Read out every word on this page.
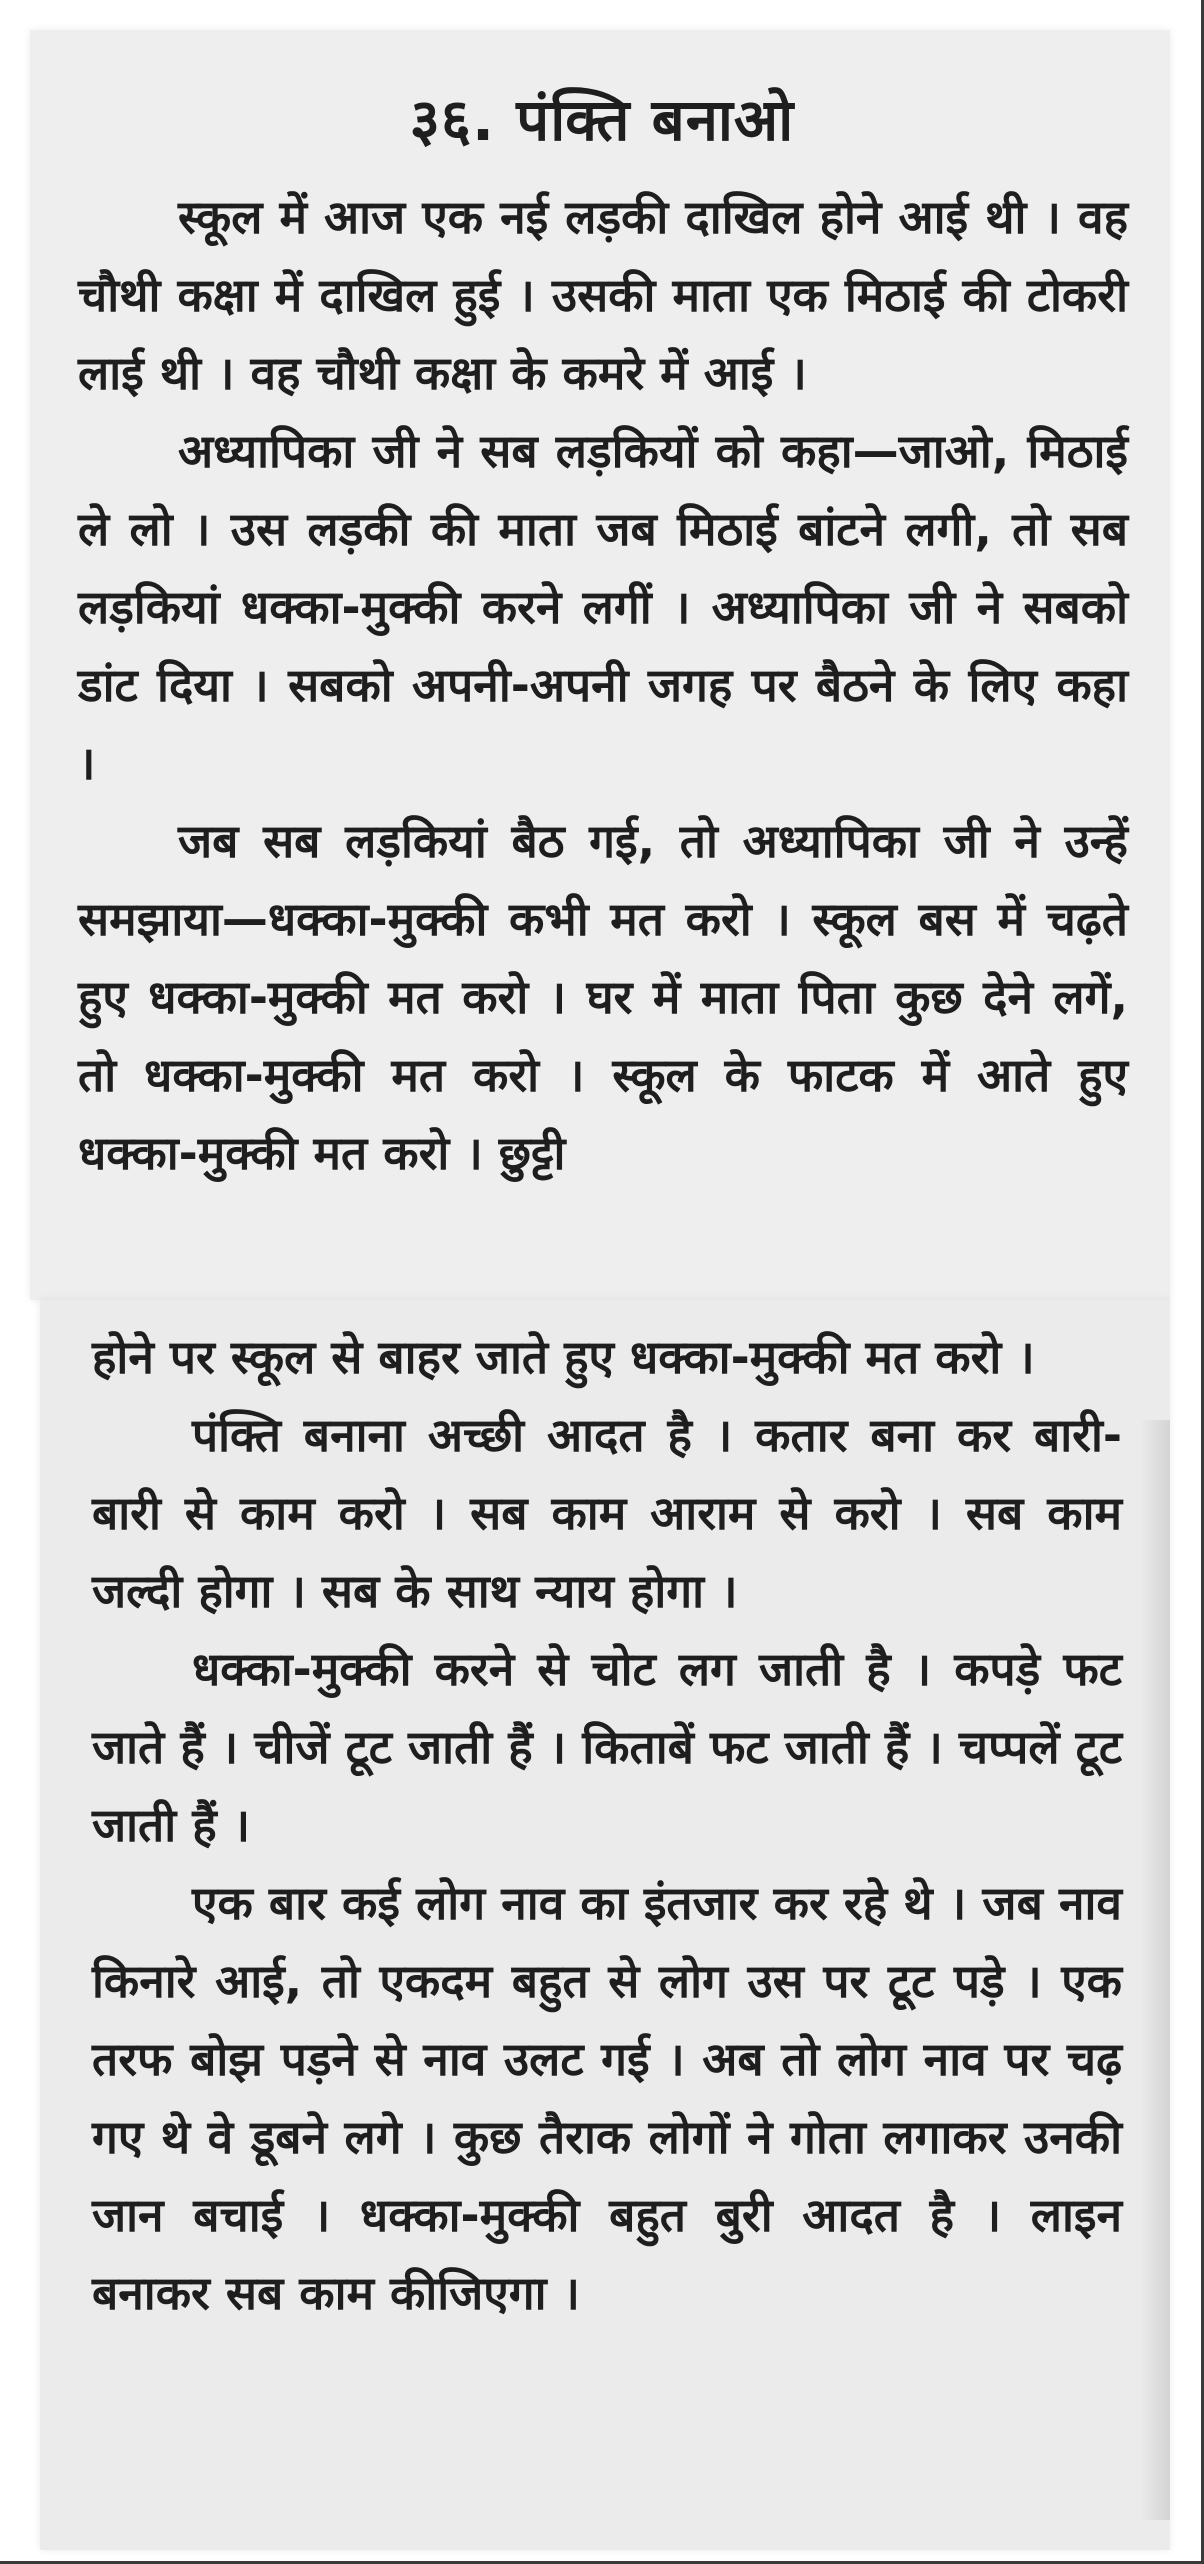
३६. पंक्ति बनाओ

स्कूल में आज एक नई लड़की दाखिल होने आई थी । वह चौथी कक्षा में दाखिल हुई । उसकी माता एक मिठाई की टोकरी लाई थी । वह चौथी कक्षा के कमरे में आई ।

अध्यापिका जी ने सब लड़कियों को कहा—जाओ, मिठाई ले लो । उस लड़की की माता जब मिठाई बांटने लगी, तो सब लड़कियां धक्का-मुक्की करने लगीं । अध्यापिका जी ने सबको डांट दिया । सबको अपनी-अपनी जगह पर बैठने के लिए कहा ।

जब सब लड़कियां बैठ गई, तो अध्यापिका जी ने उन्हें समझाया—धक्का-मुक्की कभी मत करो । स्कूल बस में चढ़ते हुए धक्का-मुक्की मत करो । घर में माता पिता कुछ देने लगें, तो धक्का-मुक्की मत करो । स्कूल के फाटक में आते हुए धक्का-मुक्की मत करो । छुट्टी

होने पर स्कूल से बाहर जाते हुए धक्का-मुक्की मत करो ।

पंक्ति बनाना अच्छी आदत है । कतार बना कर बारी-बारी से काम करो । सब काम आराम से करो । सब काम जल्दी होगा । सब के साथ न्याय होगा ।

धक्का-मुक्की करने से चोट लग जाती है । कपड़े फट जाते हैं । चीजें टूट जाती हैं । किताबें फट जाती हैं । चप्पलें टूट जाती हैं ।

एक बार कई लोग नाव का इंतजार कर रहे थे । जब नाव किनारे आई, तो एकदम बहुत से लोग उस पर टूट पड़े । एक तरफ बोझ पड़ने से नाव उलट गई । अब तो लोग नाव पर चढ़ गए थे वे डूबने लगे । कुछ तैराक लोगों ने गोता लगाकर उनकी जान बचाई । धक्का-मुक्की बहुत बुरी आदत है । लाइन बनाकर सब काम कीजिएगा ।
